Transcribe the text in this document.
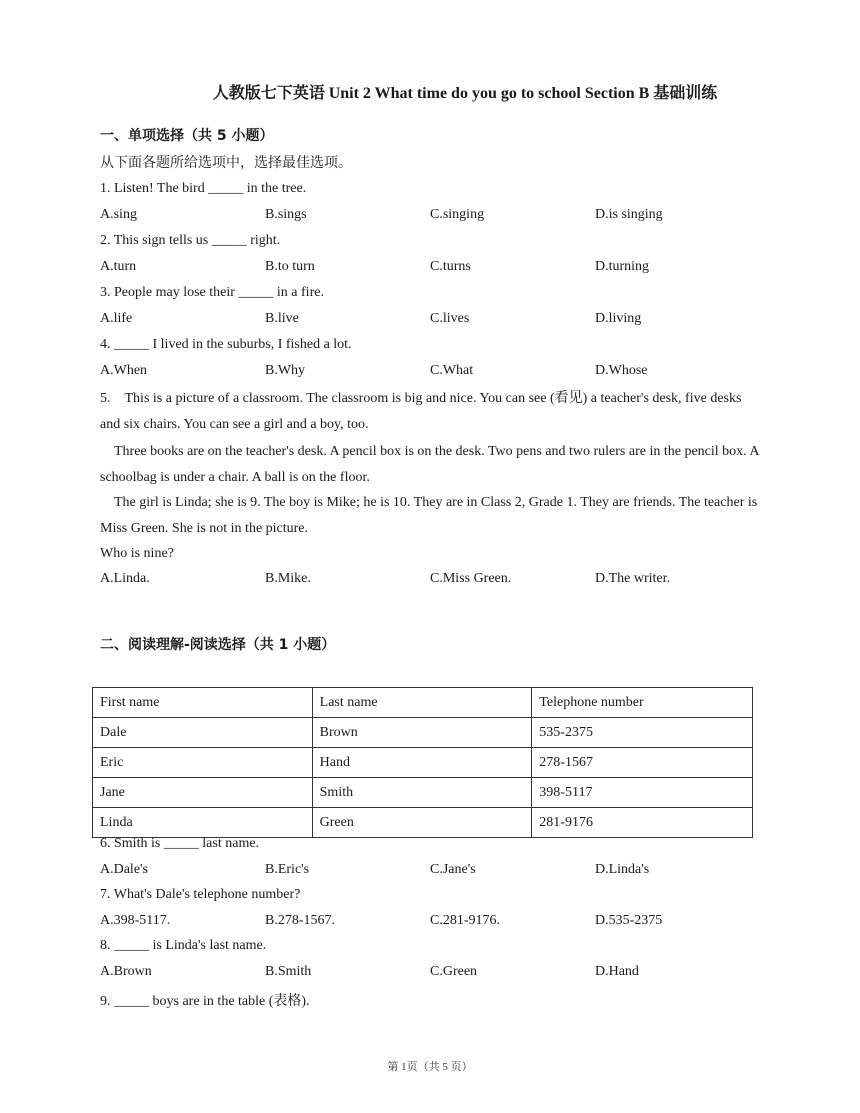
人教版七下英语 Unit 2 What time do you go to school Section B 基础训练
一、单项选择（共 5 小题）
从下面各题所给选项中，选择最佳选项。
1. Listen! The bird _____ in the tree.
A.sing	B.sings	C.singing	D.is singing
2. This sign tells us _____ right.
A.turn	B.to turn	C.turns	D.turning
3. People may lose their _____ in a fire.
A.life	B.live	C.lives	D.living
4. _____ I lived in the suburbs, I fished a lot.
A.When	B.Why	C.What	D.Whose
5.    This is a picture of a classroom. The classroom is big and nice. You can see (看见) a teacher's desk, five desks and six chairs. You can see a girl and a boy, too.
Three books are on the teacher's desk. A pencil box is on the desk. Two pens and two rulers are in the pencil box. A schoolbag is under a chair. A ball is on the floor.
The girl is Linda; she is 9. The boy is Mike; he is 10. They are in Class 2, Grade 1. They are friends. The teacher is Miss Green. She is not in the picture.
Who is nine?
A.Linda.	B.Mike.	C.Miss Green.	D.The writer.
二、阅读理解-阅读选择（共 1 小题）
First name	Last name	Telephone number
Dale	Brown	535-2375
Eric	Hand	278-1567
Jane	Smith	398-5117
Linda	Green	281-9176
6. Smith is _____ last name.
A.Dale's	B.Eric's	C.Jane's	D.Linda's
7. What's Dale's telephone number?
A.398-5117.	B.278-1567.	C.281-9176.	D.535-2375
8. _____ is Linda's last name.
A.Brown	B.Smith	C.Green	D.Hand
9. _____ boys are in the table (表格).
第 1页（共 5 页）
